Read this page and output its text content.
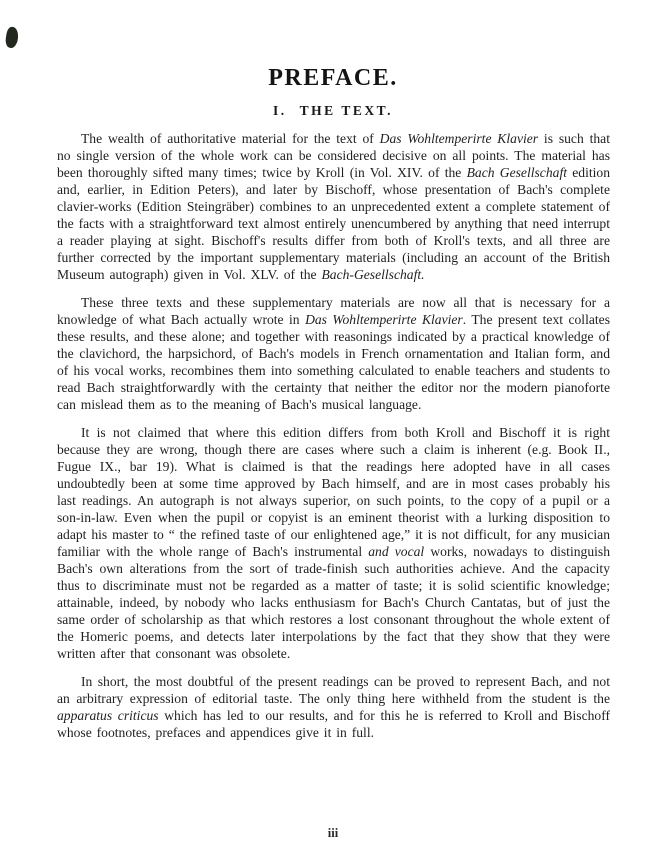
PREFACE.
I. THE TEXT.

The wealth of authoritative material for the text of Das Wohltemperirte Klavier is such that no single version of the whole work can be considered decisive on all points. The material has been thoroughly sifted many times; twice by Kroll (in Vol. XIV. of the Bach Gesellschaft edition and, earlier, in Edition Peters), and later by Bischoff, whose presentation of Bach's complete clavier-works (Edition Steingräber) combines to an unprecedented extent a complete statement of the facts with a straightforward text almost entirely unencumbered by anything that need interrupt a reader playing at sight. Bischoff's results differ from both of Kroll's texts, and all three are further corrected by the important supplementary materials (including an account of the British Museum autograph) given in Vol. XLV. of the Bach-Gesellschaft.

These three texts and these supplementary materials are now all that is necessary for a knowledge of what Bach actually wrote in Das Wohltemperirte Klavier. The present text collates these results, and these alone; and together with reasonings indicated by a practical knowledge of the clavichord, the harpsichord, of Bach's models in French ornamentation and Italian form, and of his vocal works, recombines them into something calculated to enable teachers and students to read Bach straightforwardly with the certainty that neither the editor nor the modern pianoforte can mislead them as to the meaning of Bach's musical language.

It is not claimed that where this edition differs from both Kroll and Bischoff it is right because they are wrong, though there are cases where such a claim is inherent (e.g. Book II., Fugue IX., bar 19). What is claimed is that the readings here adopted have in all cases undoubtedly been at some time approved by Bach himself, and are in most cases probably his last readings. An autograph is not always superior, on such points, to the copy of a pupil or a son-in-law. Even when the pupil or copyist is an eminent theorist with a lurking disposition to adapt his master to “ the refined taste of our enlightened age,” it is not difficult, for any musician familiar with the whole range of Bach's instrumental and vocal works, nowadays to distinguish Bach's own alterations from the sort of trade-finish such authorities achieve. And the capacity thus to discriminate must not be regarded as a matter of taste; it is solid scientific knowledge; attainable, indeed, by nobody who lacks enthusiasm for Bach's Church Cantatas, but of just the same order of scholarship as that which restores a lost consonant throughout the whole extent of the Homeric poems, and detects later interpolations by the fact that they show that they were written after that consonant was obsolete.

In short, the most doubtful of the present readings can be proved to represent Bach, and not an arbitrary expression of editorial taste. The only thing here withheld from the student is the apparatus criticus which has led to our results, and for this he is referred to Kroll and Bischoff whose footnotes, prefaces and appendices give it in full.

iii
